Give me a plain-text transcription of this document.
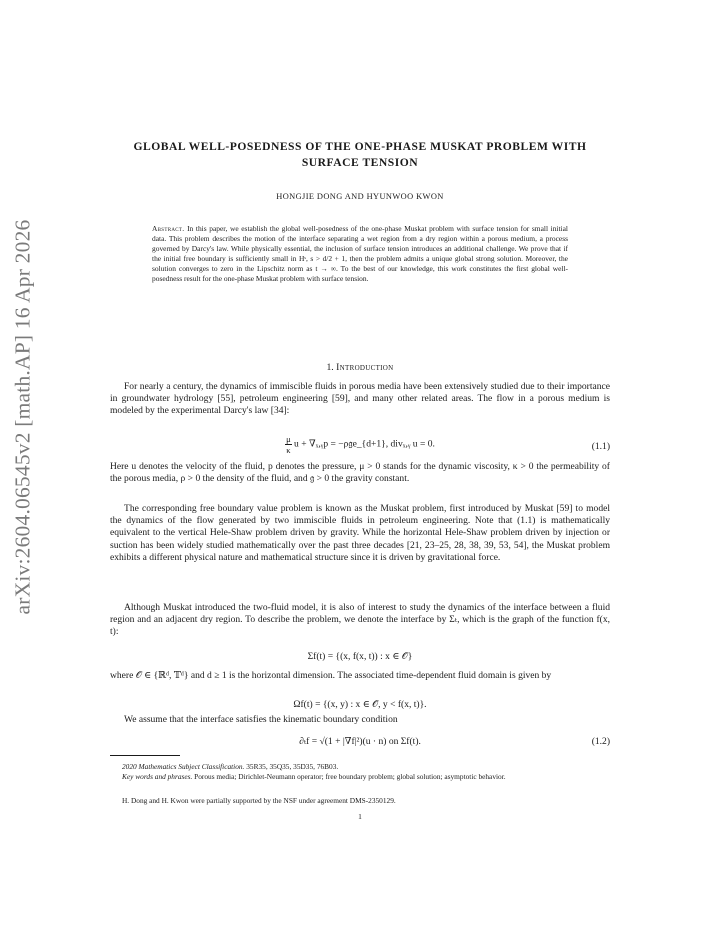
arXiv:2604.06545v2 [math.AP] 16 Apr 2026
GLOBAL WELL-POSEDNESS OF THE ONE-PHASE MUSKAT PROBLEM WITH SURFACE TENSION
HONGJIE DONG AND HYUNWOO KWON
Abstract. In this paper, we establish the global well-posedness of the one-phase Muskat problem with surface tension for small initial data. This problem describes the motion of the interface separating a wet region from a dry region within a porous medium, a process governed by Darcy's law. While physically essential, the inclusion of surface tension introduces an additional challenge. We prove that if the initial free boundary is sufficiently small in Hˢ, s > d/2 + 1, then the problem admits a unique global strong solution. Moreover, the solution converges to zero in the Lipschitz norm as t → ∞. To the best of our knowledge, this work constitutes the first global well-posedness result for the one-phase Muskat problem with surface tension.
1. Introduction
For nearly a century, the dynamics of immiscible fluids in porous media have been extensively studied due to their importance in groundwater hydrology [55], petroleum engineering [59], and many other related areas. The flow in a porous medium is modeled by the experimental Darcy's law [34]:
$\frac{\mu}{\kappa}$ u + ∇ₓ,ᵧp = −ρ𝔤e_{d+1}, divₓ,ᵧ u = 0.	(1.1)
Here u denotes the velocity of the fluid, p denotes the pressure, μ > 0 stands for the dynamic viscosity, κ > 0 the permeability of the porous media, ρ > 0 the density of the fluid, and 𝔤 > 0 the gravity constant.
The corresponding free boundary value problem is known as the Muskat problem, first introduced by Muskat [59] to model the dynamics of the flow generated by two immiscible fluids in petroleum engineering. Note that (1.1) is mathematically equivalent to the vertical Hele-Shaw problem driven by gravity. While the horizontal Hele-Shaw problem driven by injection or suction has been widely studied mathematically over the past three decades [21, 23–25, 28, 38, 39, 53, 54], the Muskat problem exhibits a different physical nature and mathematical structure since it is driven by gravitational force.
Although Muskat introduced the two-fluid model, it is also of interest to study the dynamics of the interface between a fluid region and an adjacent dry region. To describe the problem, we denote the interface by Σₜ, which is the graph of the function f(x, t):
Σf(t) = {(x, f(x, t)) : x ∈ 𝒪}
where 𝒪 ∈ {ℝᵈ, 𝕋ᵈ} and d ≥ 1 is the horizontal dimension. The associated time-dependent fluid domain is given by
Ωf(t) = {(x, y) : x ∈ 𝒪, y < f(x, t)}.
We assume that the interface satisfies the kinematic boundary condition
∂ₜf = √(1 + |∇f|²)(u · n) on Σf(t).	(1.2)
2020 Mathematics Subject Classification. 35R35, 35Q35, 35D35, 76B03.
Key words and phrases. Porous media; Dirichlet-Neumann operator; free boundary problem; global solution; asymptotic behavior.
H. Dong and H. Kwon were partially supported by the NSF under agreement DMS-2350129.
1
